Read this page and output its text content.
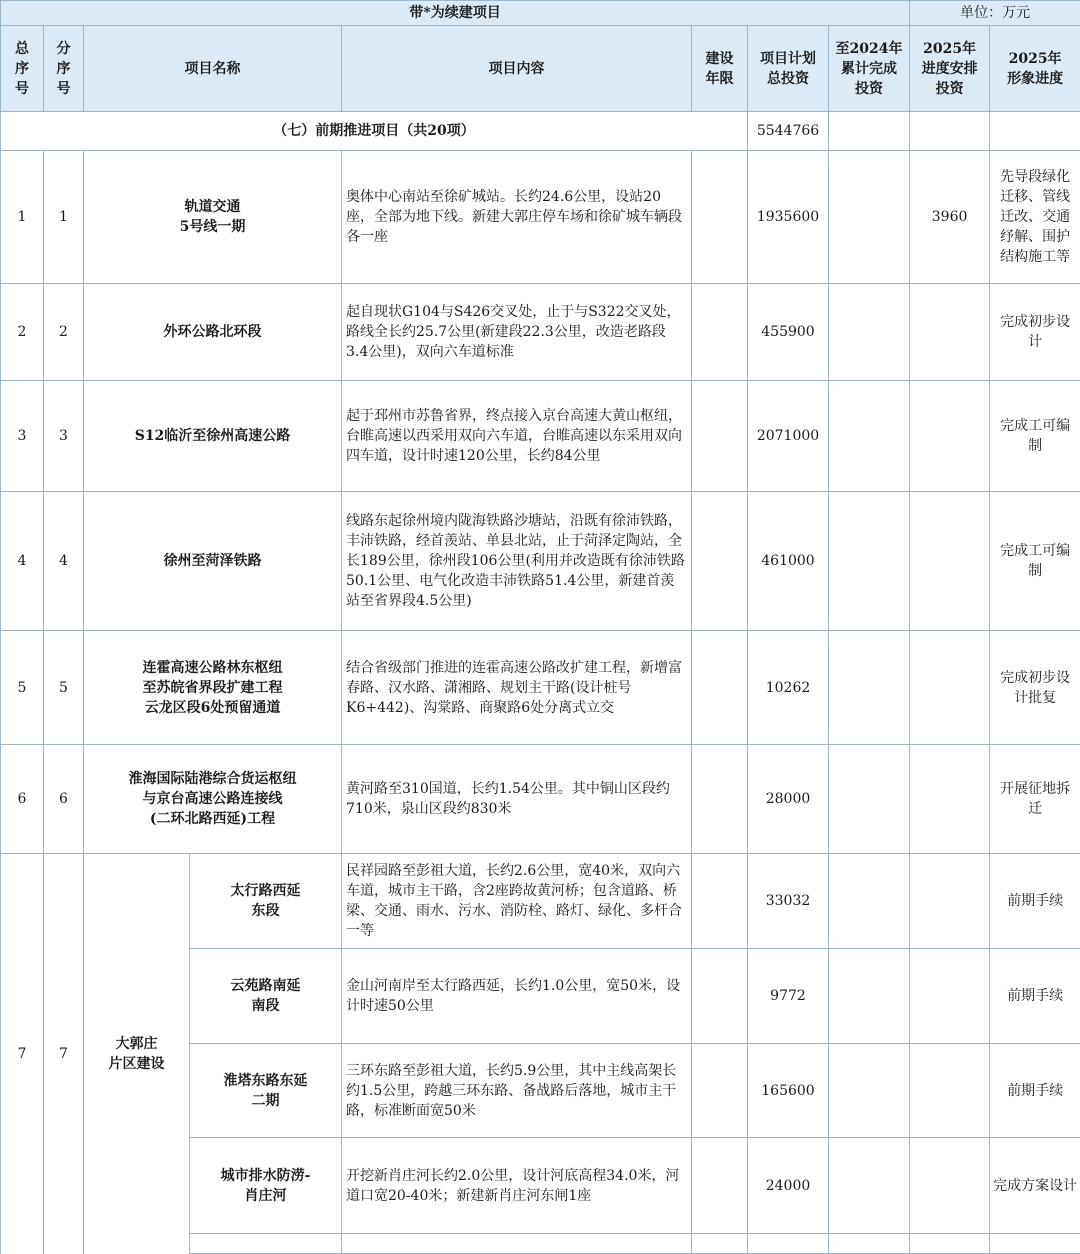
带*为续建项目								单位：万元	
总
序
号	分
序
号	项目名称		项目内容	建设
年限	项目计划
总投资	至2024年
累计完成
投资	2025年
进度安排
投资	2025年
形象进度
（七）前期推进项目（共20项）						5544766			
1	1	轨道交通
5号线一期		奥体中心南站至徐矿城站。长约24.6公里，设站20座，全部为地下线。新建大郭庄停车场和徐矿城车辆段各一座		1935600		3960	先导段绿化迁移、管线迁改、交通纾解、围护结构施工等
2	2	外环公路北环段		起自现状G104与S426交叉处，止于与S322交叉处，路线全长约25.7公里(新建段22.3公里，改造老路段3.4公里)，双向六车道标准		455900			完成初步设计
3	3	S12临沂至徐州高速公路		起于邳州市苏鲁省界，终点接入京台高速大黄山枢纽，台睢高速以西采用双向六车道，台睢高速以东采用双向四车道，设计时速120公里，长约84公里		2071000			完成工可编制
4	4	徐州至菏泽铁路		线路东起徐州境内陇海铁路沙塘站，沿既有徐沛铁路，丰沛铁路，经首羡站、单县北站，止于菏泽定陶站，全长189公里，徐州段106公里(利用并改造既有徐沛铁路50.1公里、电气化改造丰沛铁路51.4公里，新建首羡站至省界段4.5公里)		461000			完成工可编制
5	5	连霍高速公路林东枢纽
至苏皖省界段扩建工程
云龙区段6处预留通道		结合省级部门推进的连霍高速公路改扩建工程，新增富春路、汉水路、潇湘路、规划主干路(设计桩号K6+442)、沟棠路、商聚路6处分离式立交		10262			完成初步设计批复
6	6	淮海国际陆港综合货运枢纽
与京台高速公路连接线
(二环北路西延)工程		黄河路至310国道，长约1.54公里。其中铜山区段约710米，泉山区段约830米		28000			开展征地拆迁
7	7	大郭庄
片区建设	太行路西延
东段	民祥园路至彭祖大道，长约2.6公里，宽40米，双向六车道，城市主干路，含2座跨故黄河桥；包含道路、桥梁、交通、雨水、污水、消防栓、路灯、绿化、多杆合一等		33032			前期手续
			云苑路南延
南段	金山河南岸至太行路西延，长约1.0公里，宽50米，设计时速50公里		9772			前期手续
			淮塔东路东延
二期	三环东路至彭祖大道，长约5.9公里，其中主线高架长约1.5公里，跨越三环东路、备战路后落地，城市主干路，标准断面宽50米		165600			前期手续
			城市排水防涝-
肖庄河	开挖新肖庄河长约2.0公里，设计河底高程34.0米，河道口宽20-40米；新建新肖庄河东闸1座		24000			完成方案设计
